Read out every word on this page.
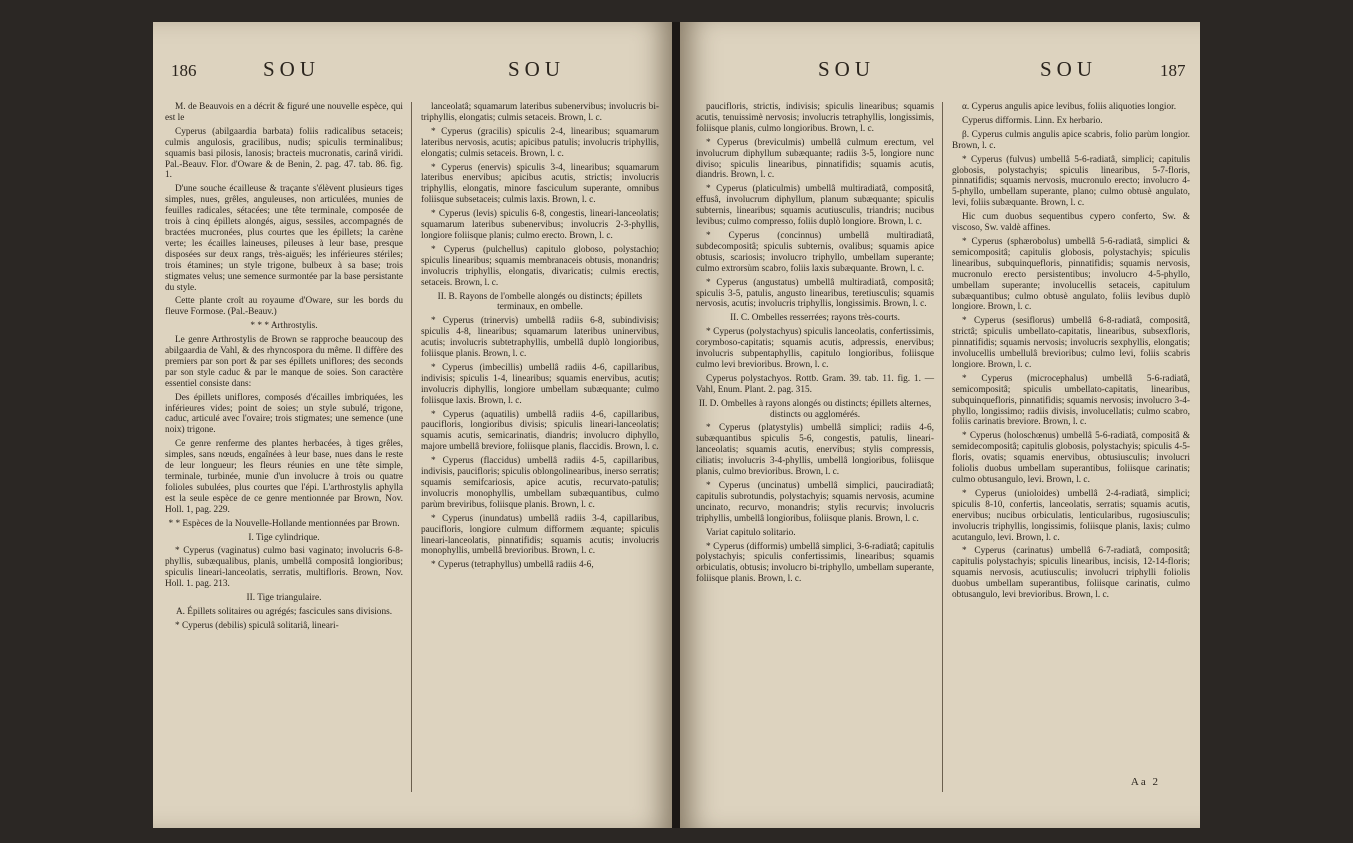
186	SOU	SOU

M. de Beauvois en a décrit & figuré une nouvelle espèce, qui est le

Cyperus (abilgaardia barbata) foliis radicalibus setaceis; culmis angulosis, gracilibus, nudis; spiculis terminalibus; squamis basi pilosis, lanosis; bracteis mucronatis, carinâ viridi. Pal.-Beauv. Flor. d'Oware & de Benin, 2. pag. 47. tab. 86. fig. 1.

D'une souche écailleuse & traçante s'élèvent plusieurs tiges simples, nues, grêles, anguleuses, non articulées, munies de feuilles radicales, sétacées; une tête terminale, composée de trois à cinq épillets alongés, aigus, sessiles, accompagnés de bractées mucronées, plus courtes que les épillets; la carène verte; les écailles laineuses, pileuses à leur base, presque disposées sur deux rangs, très-aiguës; les inférieures stériles; trois étamines; un style trigone, bulbeux à sa base; trois stigmates velus; une semence surmontée par la base persistante du style.

Cette plante croît au royaume d'Oware, sur les bords du fleuve Formose. (Pal.-Beauv.)

* * * Arthrostylis.

Le genre Arthrostylis de Brown se rapproche beaucoup des abilgaardia de Vahl, & des rhyncospora du même. Il diffère des premiers par son port & par ses épillets uniflores; des seconds par son style caduc & par le manque de soies. Son caractère essentiel consiste dans:

Des épillets uniflores, composés d'écailles imbriquées, les inférieures vides; point de soies; un style subulé, trigone, caduc, articulé avec l'ovaire; trois stigmates; une semence (une noix) trigone.

Ce genre renferme des plantes herbacées, à tiges grêles, simples, sans nœuds, engaînées à leur base, nues dans le reste de leur longueur; les fleurs réunies en une tête simple, terminale, turbinée, munie d'un involucre à trois ou quatre folioles subulées, plus courtes que l'épi. L'arthrostylis aphylla est la seule espèce de ce genre mentionnée par Brown, Nov. Holl. 1, pag. 229.

* * Espèces de la Nouvelle-Hollande mentionnées par Brown.

I. Tige cylindrique.

* Cyperus (vaginatus) culmo basi vaginato; involucris 6-8-phyllis, subæqualibus, planis, umbellâ compositâ longioribus; spiculis lineari-lanceolatis, serratis, multifloris. Brown, Nov. Holl. 1. pag. 213.

II. Tige triangulaire.

A. Épillets solitaires ou agrégés; fascicules sans divisions.

* Cyperus (debilis) spiculâ solitariâ, lineari-

lanceolatâ; squamarum lateribus subenervibus; involucris bi-triphyllis, elongatis; culmis setaceis. Brown, l. c.

* Cyperus (gracilis) spiculis 2-4, linearibus; squamarum lateribus nervosis, acutis; apicibus patulis; involucris triphyllis, elongatis; culmis setaceis. Brown, l. c.

* Cyperus (enervis) spiculis 3-4, linearibus; squamarum lateribus enervibus; apicibus acutis, strictis; involucris triphyllis, elongatis, minore fasciculum superante, omnibus foliisque subsetaceis; culmis laxis. Brown, l. c.

* Cyperus (levis) spiculis 6-8, congestis, lineari-lanceolatis; squamarum lateribus subenervibus; involucris 2-3-phyllis, longiore foliisque planis; culmo erecto. Brown, l. c.

* Cyperus (pulchellus) capitulo globoso, polystachio; spiculis linearibus; squamis membranaceis obtusis, monandris; involucris triphyllis, elongatis, divaricatis; culmis erectis, setaceis. Brown, l. c.

II. B. Rayons de l'ombelle alongés ou distincts; épillets terminaux, en ombelle.

* Cyperus (trinervis) umbellâ radiis 6-8, subindivisis; spiculis 4-8, linearibus; squamarum lateribus uninervibus, acutis; involucris subtetraphyllis, umbellâ duplò longioribus, foliisque planis. Brown, l. c.

* Cyperus (imbecillis) umbellâ radiis 4-6, capillaribus, indivisis; spiculis 1-4, linearibus; squamis enervibus, acutis; involucris diphyllis, longiore umbellam subæquante; culmo foliisque laxis. Brown, l. c.

* Cyperus (aquatilis) umbellâ radiis 4-6, capillaribus, paucifloris, longioribus divisis; spiculis lineari-lanceolatis; squamis acutis, semicarinatis, diandris; involucro diphyllo, majore umbellâ breviore, foliisque planis, flaccidis. Brown, l. c.

* Cyperus (flaccidus) umbellâ radiis 4-5, capillaribus, indivisis, paucifloris; spiculis oblongolinearibus, inerso serratis; squamis semifcariosis, apice acutis, recurvato-patulis; involucris monophyllis, umbellam subæquantibus, culmo parùm breviribus, foliisque planis. Brown, l. c.

* Cyperus (inundatus) umbellâ radiis 3-4, capillaribus, paucifloris, longiore culmum difformem æquante; spiculis lineari-lanceolatis, pinnatifidis; squamis acutis; involucris monophyllis, umbellâ brevioribus. Brown, l. c.

* Cyperus (tetraphyllus) umbellâ radiis 4-6,

SOU	SOU	187

paucifloris, strictis, indivisis; spiculis linearibus; squamis acutis, tenuissimè nervosis; involucris tetraphyllis, longissimis, foliisque planis, culmo longioribus. Brown, l. c.

* Cyperus (breviculmis) umbellâ culmum erectum, vel involucrum diphyllum subæquante; radiis 3-5, longiore nunc diviso; spiculis linearibus, pinnatifidis; squamis acutis, diandris. Brown, l. c.

* Cyperus (platiculmis) umbellâ multiradiatâ, compositâ, effusâ, involucrum diphyllum, planum subæquante; spiculis subternis, linearibus; squamis acutiusculis, triandris; nucibus levibus; culmo compresso, foliis duplò longiore. Brown, l. c.

* Cyperus (concinnus) umbellâ multiradiatâ, subdecompositâ; spiculis subternis, ovalibus; squamis apice obtusis, scariosis; involucro triphyllo, umbellam superante; culmo extrorsùm scabro, foliis laxis subæquante. Brown, l. c.

* Cyperus (angustatus) umbellâ multiradiatâ, compositâ; spiculis 3-5, patulis, angusto linearibus, teretiusculis; squamis nervosis, acutis; involucris triphyllis, longissimis. Brown, l. c.

II. C. Ombelles resserrées; rayons très-courts.

* Cyperus (polystachyus) spiculis lanceolatis, confertissimis, corymboso-capitatis; squamis acutis, adpressis, enervibus; involucris subpentaphyllis, capitulo longioribus, foliisque culmo levi brevioribus. Brown, l. c.

Cyperus polystachyos. Rottb. Gram. 39. tab. 11. fig. 1. — Vahl, Enum. Plant. 2. pag. 315.

II. D. Ombelles à rayons alongés ou distincts; épillets alternes, distincts ou agglomérés.

* Cyperus (platystylis) umbellâ simplici; radiis 4-6, subæquantibus spiculis 5-6, congestis, patulis, lineari-lanceolatis; squamis acutis, enervibus; stylis compressis, ciliatis; involucris 3-4-phyllis, umbellâ longioribus, foliisque planis, culmo brevioribus. Brown, l. c.

* Cyperus (uncinatus) umbellâ simplici, pauciradiatâ; capitulis subrotundis, polystachyis; squamis nervosis, acumine uncinato, recurvo, monandris; stylis recurvis; involucris triphyllis, umbellâ longioribus, foliisque planis. Brown, l. c.

Variat capitulo solitario.

* Cyperus (difformis) umbellâ simplici, 3-6-radiatâ; capitulis polystachyis; spiculis confertissimis, linearibus; squamis orbiculatis, obtusis; involucro bi-triphyllo, umbellam superante, foliisque planis. Brown, l. c.

α. Cyperus angulis apice levibus, foliis aliquoties longior.

Cyperus difformis. Linn. Ex herbario.

β. Cyperus culmis angulis apice scabris, folio parùm longior. Brown, l. c.

* Cyperus (fulvus) umbellâ 5-6-radiatâ, simplici; capitulis globosis, polystachyis; spiculis linearibus, 5-7-floris, pinnatifidis; squamis nervosis, mucronulo erecto; involucro 4-5-phyllo, umbellam superante, plano; culmo obtusè angulato, levi, foliis subæquante. Brown, l. c.

Hic cum duobus sequentibus cypero conferto, Sw. & viscoso, Sw. valdè affines.

* Cyperus (sphærobolus) umbellâ 5-6-radiatâ, simplici & semicompositâ; capitulis globosis, polystachyis; spiculis linearibus, subquinquefloris, pinnatifidis; squamis nervosis, mucronulo erecto persistentibus; involucro 4-5-phyllo, umbellam superante; involucellis setaceis, capitulum subæquantibus; culmo obtusè angulato, foliis levibus duplò longiore. Brown, l. c.

* Cyperus (sesiflorus) umbellâ 6-8-radiatâ, compositâ, strictâ; spiculis umbellato-capitatis, linearibus, subsexfloris, pinnatifidis; squamis nervosis; involucris sexphyllis, elongatis; involucellis umbellulâ brevioribus; culmo levi, foliis scabris longiore. Brown, l. c.

* Cyperus (microcephalus) umbellâ 5-6-radiatâ, semicompositâ; spiculis umbellato-capitatis, linearibus, subquinquefloris, pinnatifidis; squamis nervosis; involucro 3-4-phyllo, longissimo; radiis divisis, involucellatis; culmo scabro, foliis carinatis breviore. Brown, l. c.

* Cyperus (holoschœnus) umbellâ 5-6-radiatâ, compositâ & semidecompositâ; capitulis globosis, polystachyis; spiculis 4-5-floris, ovatis; squamis enervibus, obtusiusculis; involucri foliolis duobus umbellam superantibus, foliisque carinatis; culmo obtusangulo, levi. Brown, l. c.

* Cyperus (unioloides) umbellâ 2-4-radiatâ, simplici; spiculis 8-10, confertis, lanceolatis, serratis; squamis acutis, enervibus; nucibus orbiculatis, lenticularibus, rugosiusculis; involucris triphyllis, longissimis, foliisque planis, laxis; culmo acutangulo, levi. Brown, l. c.

* Cyperus (carinatus) umbellâ 6-7-radiatâ, compositâ; capitulis polystachyis; spiculis linearibus, incisis, 12-14-floris; squamis nervosis, acutiusculis; involucri triphylli foliolis duobus umbellam superantibus, foliisque carinatis, culmo obtusangulo, levi brevioribus. Brown, l. c.

Aa 2
